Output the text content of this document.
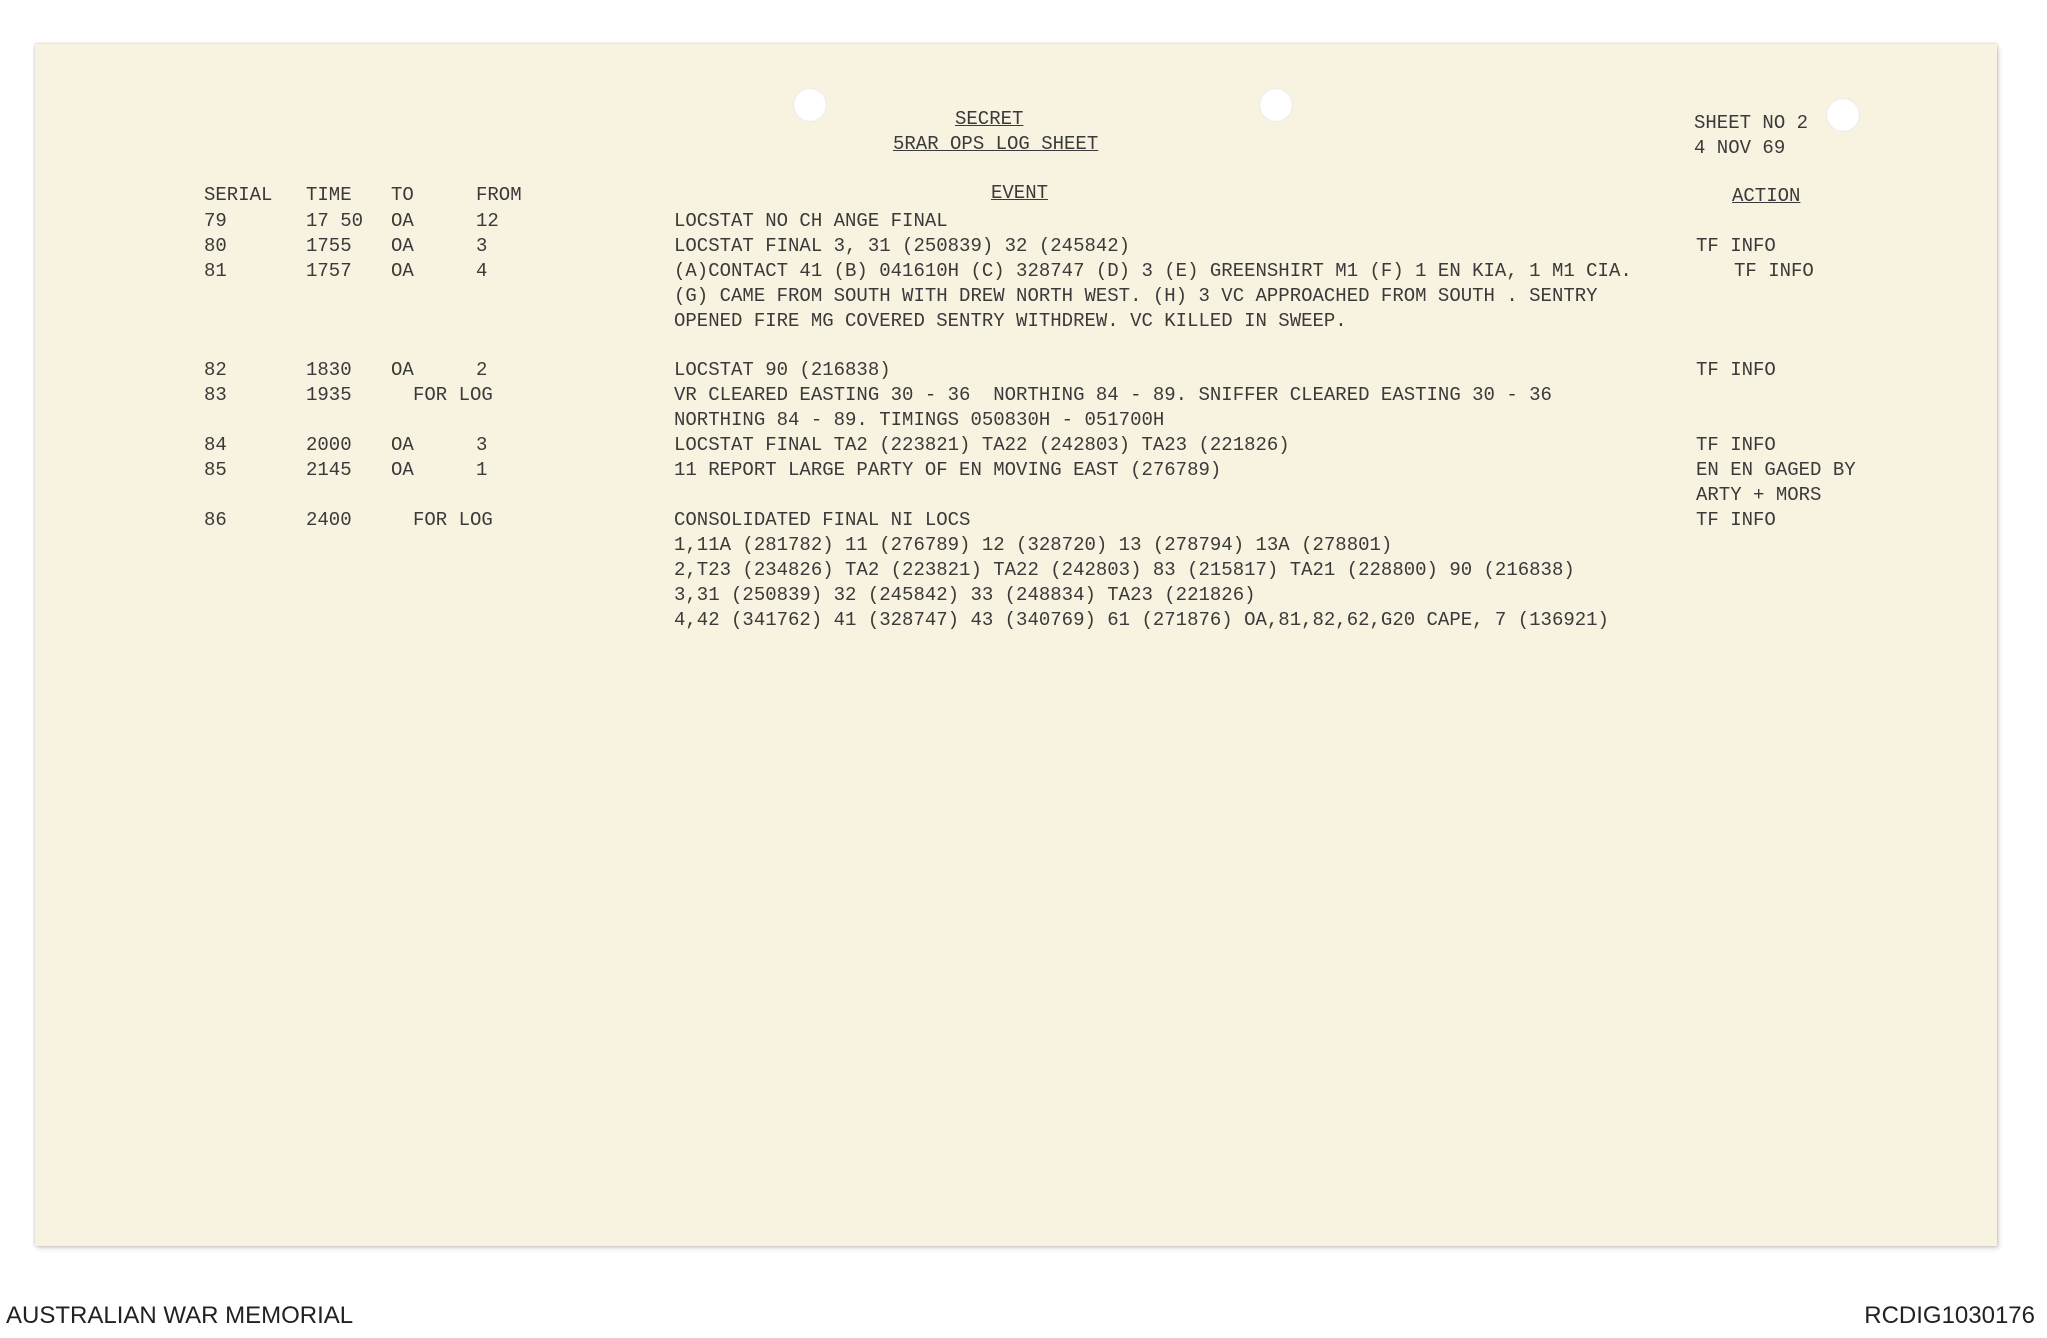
SECRET
5RAR OPS LOG SHEET
SHEET NO 2
4 NOV 69
SERIAL TIME TO	FROM	EVENT	ACTION
79	17 50 OA	12	LOCSTAT NO CH ANGE FINAL
80	1755 OA	3	LOCSTAT FINAL 3, 31 (250839) 32 (245842)	TF INFO
81	1757 OA	4	(A)CONTACT 41 (B) 041610H (C) 328747 (D) 3 (E) GREENSHIRT M1 (F) 1 EN KIA, 1 M1 CIA.
(G) CAME FROM SOUTH WITH DREW NORTH WEST. (H) 3 VC APPROACHED FROM SOUTH . SENTRY
OPENED FIRE MG COVERED SENTRY WITHDREW. VC KILLED IN SWEEP.
TF INFO
82	1830 OA	2	LOCSTAT 90 (216838)	TF INFO
83	1935	FOR LOG	VR CLEARED EASTING 30 - 36  NORTHING 84 - 89. SNIFFER CLEARED EASTING 30 - 36
NORTHING 84 - 89. TIMINGS 050830H - 051700H
84	2000 OA	3	LOCSTAT FINAL TA2 (223821) TA22 (242803) TA23 (221826)	TF INFO
85	2145 OA	1	11 REPORT LARGE PARTY OF EN MOVING EAST (276789)	EN EN GAGED BY
ARTY + MORS
86	2400	FOR LOG	CONSOLIDATED FINAL NI LOCS
1,11A (281782) 11 (276789) 12 (328720) 13 (278794) 13A (278801)
2,T23 (234826) TA2 (223821) TA22 (242803) 83 (215817) TA21 (228800) 90 (216838)
3,31 (250839) 32 (245842) 33 (248834) TA23 (221826)
4,42 (341762) 41 (328747) 43 (340769) 61 (271876) OA,81,82,62,G20 CAPE, 7 (136921)
TF INFO
AUSTRALIAN WAR MEMORIAL	RCDIG1030176
